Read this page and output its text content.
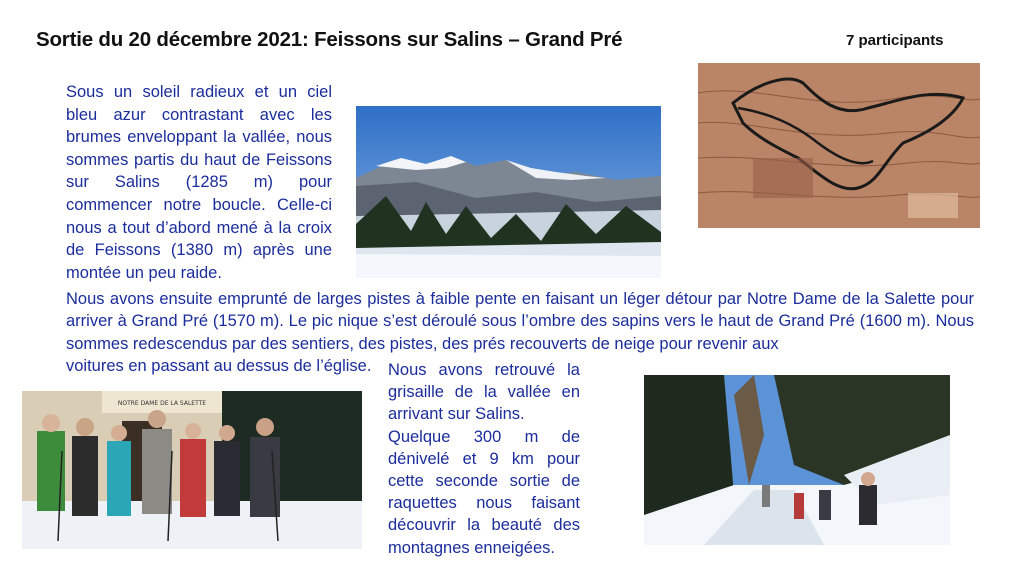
Sortie du 20 décembre 2021: Feissons sur Salins – Grand Pré	7 participants
Sous un soleil radieux et un ciel bleu azur contrastant avec les brumes enveloppant la vallée, nous sommes partis du haut de Feissons sur Salins (1285 m) pour commencer notre boucle. Celle-ci nous a tout d’abord mené à la croix de Feissons (1380 m) après une montée un peu raide.
Nous avons ensuite emprunté de larges pistes à faible pente en faisant un léger détour par Notre Dame de la Salette pour arriver à Grand Pré (1570 m). Le pic nique s’est déroulé sous l’ombre des sapins vers le haut de Grand Pré (1600 m). Nous sommes redescendus par des sentiers, des pistes, des prés recouverts de neige pour revenir aux
voitures en passant au dessus de l’église.	Nous avons retrouvé la grisaille de la vallée en arrivant sur Salins.
Quelque 300 m de dénivelé et 9 km pour cette seconde sortie de raquettes nous faisant découvrir la beauté des montagnes enneigées.
NOTRE DAME DE LA SALETTE
